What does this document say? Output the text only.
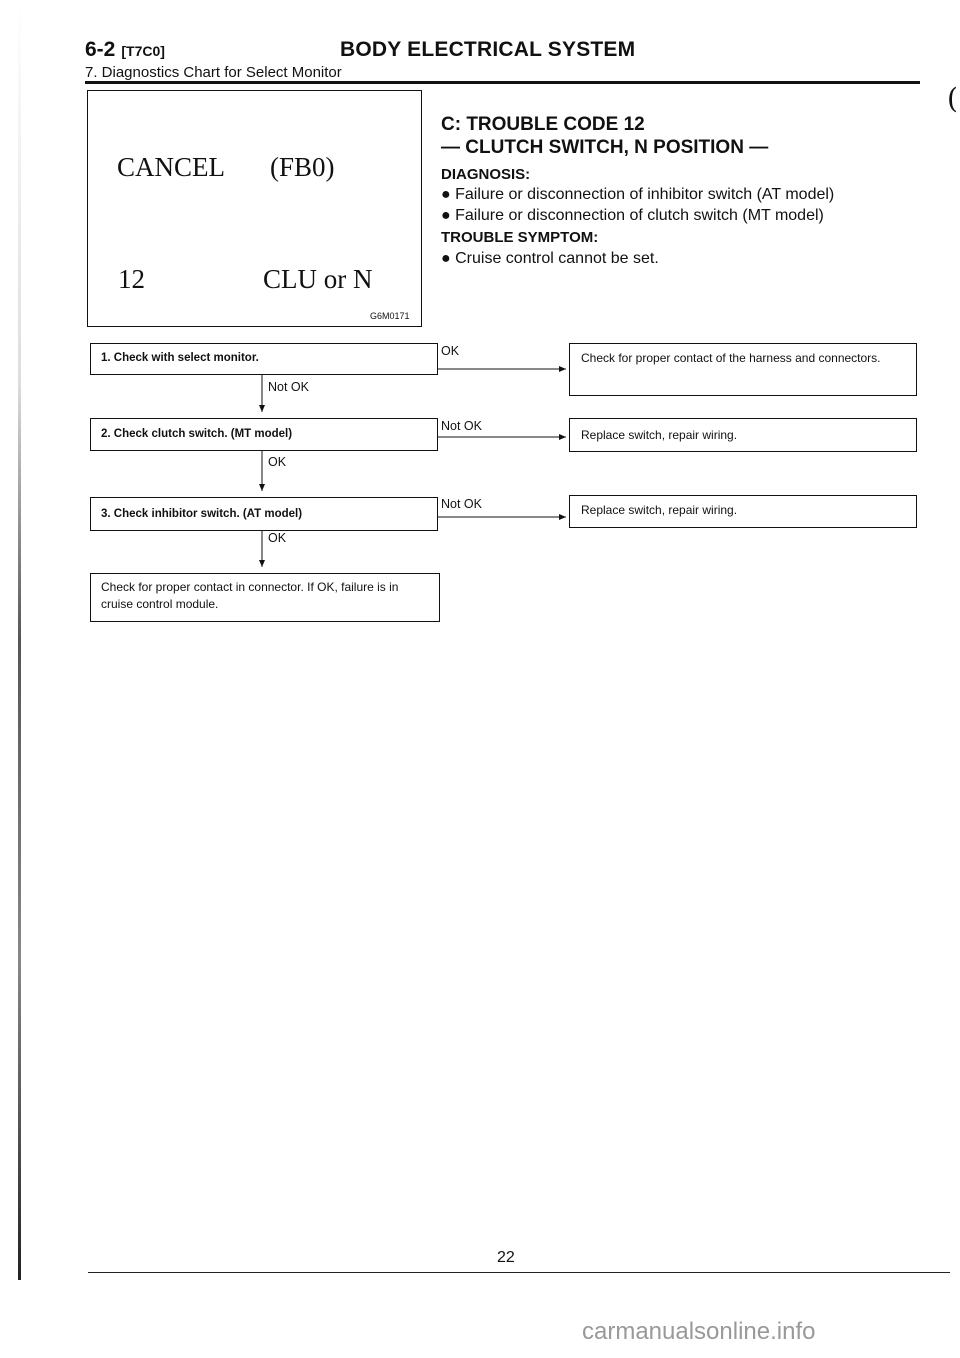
6-2 [T7C0]	BODY ELECTRICAL SYSTEM
7. Diagnostics Chart for Select Monitor
(
CANCEL (FB0)
12	CLU or N
G6M0171
C: TROUBLE CODE 12
— CLUTCH SWITCH, N POSITION —
DIAGNOSIS:
● Failure or disconnection of inhibitor switch (AT model)
● Failure or disconnection of clutch switch (MT model)
TROUBLE SYMPTOM:
● Cruise control cannot be set.
1. Check with select monitor.
2. Check clutch switch. (MT model)
3. Check inhibitor switch. (AT model)
Check for proper contact in connector. If OK, failure is in cruise control module.
Not OK
OK
OK
OK
Not OK
Not OK
Check for proper contact of the harness and connectors.
Replace switch, repair wiring.
Replace switch, repair wiring.
22
carmanualsonline.info
